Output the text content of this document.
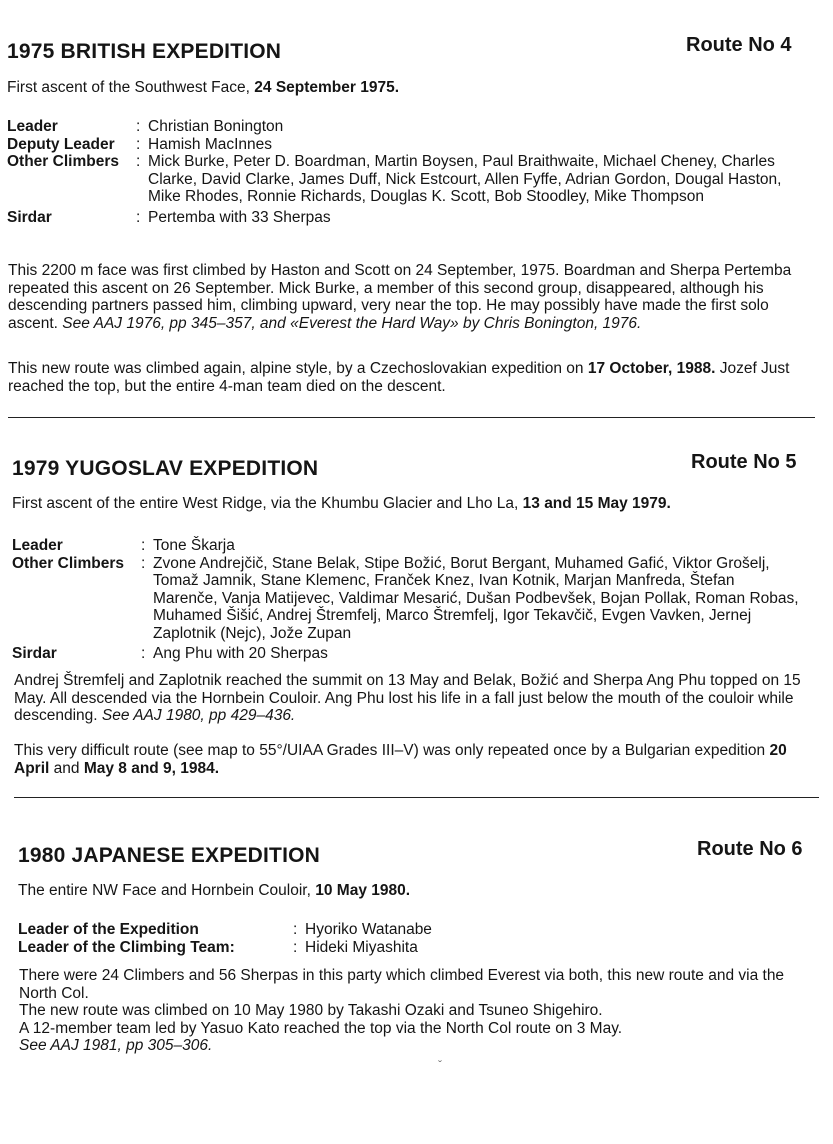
1975 BRITISH EXPEDITION	Route No 4
First ascent of the Southwest Face, 24 September 1975.
Leader	: Christian Bonington
Deputy Leader : Hamish MacInnes
Other Climbers : Mick Burke, Peter D. Boardman, Martin Boysen, Paul Braithwaite, Michael Cheney, Charles Clarke, David Clarke, James Duff, Nick Estcourt, Allen Fyffe, Adrian Gordon, Dougal Haston, Mike Rhodes, Ronnie Richards, Douglas K. Scott, Bob Stoodley, Mike Thompson
Sirdar	: Pertemba with 33 Sherpas
This 2200 m face was first climbed by Haston and Scott on 24 September, 1975. Boardman and Sherpa Pertemba repeated this ascent on 26 September. Mick Burke, a member of this second group, disappeared, although his descending partners passed him, climbing upward, very near the top. He may possibly have made the first solo ascent. See AAJ 1976, pp 345–357, and «Everest the Hard Way» by Chris Bonington, 1976.
This new route was climbed again, alpine style, by a Czechoslovakian expedition on 17 October, 1988. Jozef Just reached the top, but the entire 4-man team died on the descent.
1979 YUGOSLAV EXPEDITION	Route No 5
First ascent of the entire West Ridge, via the Khumbu Glacier and Lho La, 13 and 15 May 1979.
Leader	: Tone Škarja
Other Climbers : Zvone Andrejčič, Stane Belak, Stipe Božić, Borut Bergant, Muhamed Gafić, Viktor Grošelj, Tomaž Jamnik, Stane Klemenc, Franček Knez, Ivan Kotnik, Marjan Manfreda, Štefan Marenče, Vanja Matijevec, Valdimar Mesarić, Dušan Podbevšek, Bojan Pollak, Roman Robas, Muhamed Šišić, Andrej Štremfelj, Marco Štremfelj, Igor Tekavčič, Evgen Vavken, Jernej Zaplotnik (Nejc), Jože Zupan
Sirdar	: Ang Phu with 20 Sherpas
Andrej Štremfelj and Zaplotnik reached the summit on 13 May and Belak, Božić and Sherpa Ang Phu topped on 15 May. All descended via the Hornbein Couloir. Ang Phu lost his life in a fall just below the mouth of the couloir while descending. See AAJ 1980, pp 429–436.
This very difficult route (see map to 55°/UIAA Grades III–V) was only repeated once by a Bulgarian expedition 20 April and May 8 and 9, 1984.
1980 JAPANESE EXPEDITION	Route No 6
The entire NW Face and Hornbein Couloir, 10 May 1980.
Leader of the Expedition	: Hyoriko Watanabe
Leader of the Climbing Team:	: Hideki Miyashita
There were 24 Climbers and 56 Sherpas in this party which climbed Everest via both, this new route and via the North Col.
The new route was climbed on 10 May 1980 by Takashi Ozaki and Tsuneo Shigehiro.
A 12-member team led by Yasuo Kato reached the top via the North Col route on 3 May.
See AAJ 1981, pp 305–306.
ˇ
